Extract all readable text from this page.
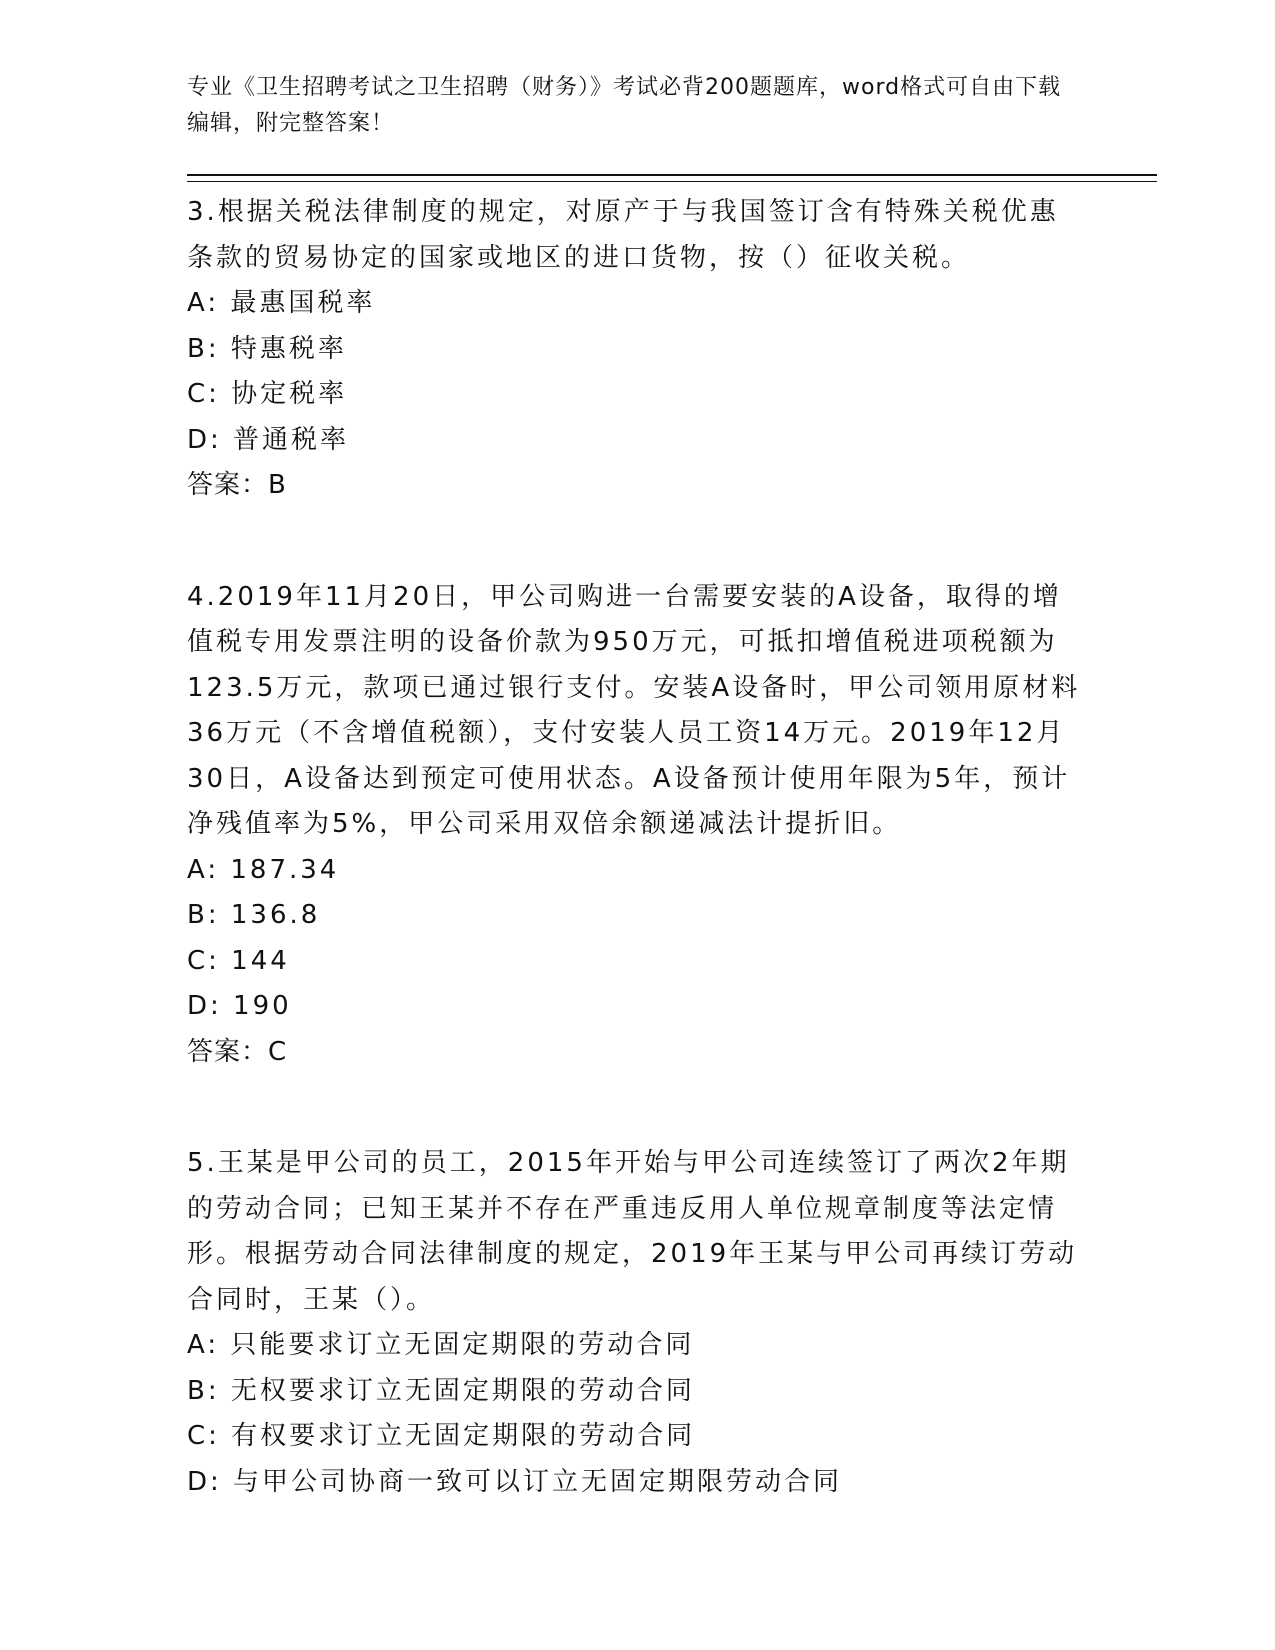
专业《卫生招聘考试之卫生招聘（财务）》考试必背200题题库，word格式可自由下载编辑，附完整答案！

3.根据关税法律制度的规定，对原产于与我国签订含有特殊关税优惠条款的贸易协定的国家或地区的进口货物，按（）征收关税。

A: 最惠国税率

B: 特惠税率

C: 协定税率

D: 普通税率

答案：B

4.2019年11月20日，甲公司购进一台需要安装的A设备，取得的增值税专用发票注明的设备价款为950万元，可抵扣增值税进项税额为123.5万元，款项已通过银行支付。安装A设备时，甲公司领用原材料36万元（不含增值税额），支付安装人员工资14万元。2019年12月30日，A设备达到预定可使用状态。A设备预计使用年限为5年，预计净残值率为5%，甲公司采用双倍余额递减法计提折旧。

A: 187.34

B: 136.8

C: 144

D: 190

答案：C

5.王某是甲公司的员工，2015年开始与甲公司连续签订了两次2年期的劳动合同；已知王某并不存在严重违反用人单位规章制度等法定情形。根据劳动合同法律制度的规定，2019年王某与甲公司再续订劳动合同时，王某（）。

A: 只能要求订立无固定期限的劳动合同

B: 无权要求订立无固定期限的劳动合同

C: 有权要求订立无固定期限的劳动合同

D: 与甲公司协商一致可以订立无固定期限劳动合同
